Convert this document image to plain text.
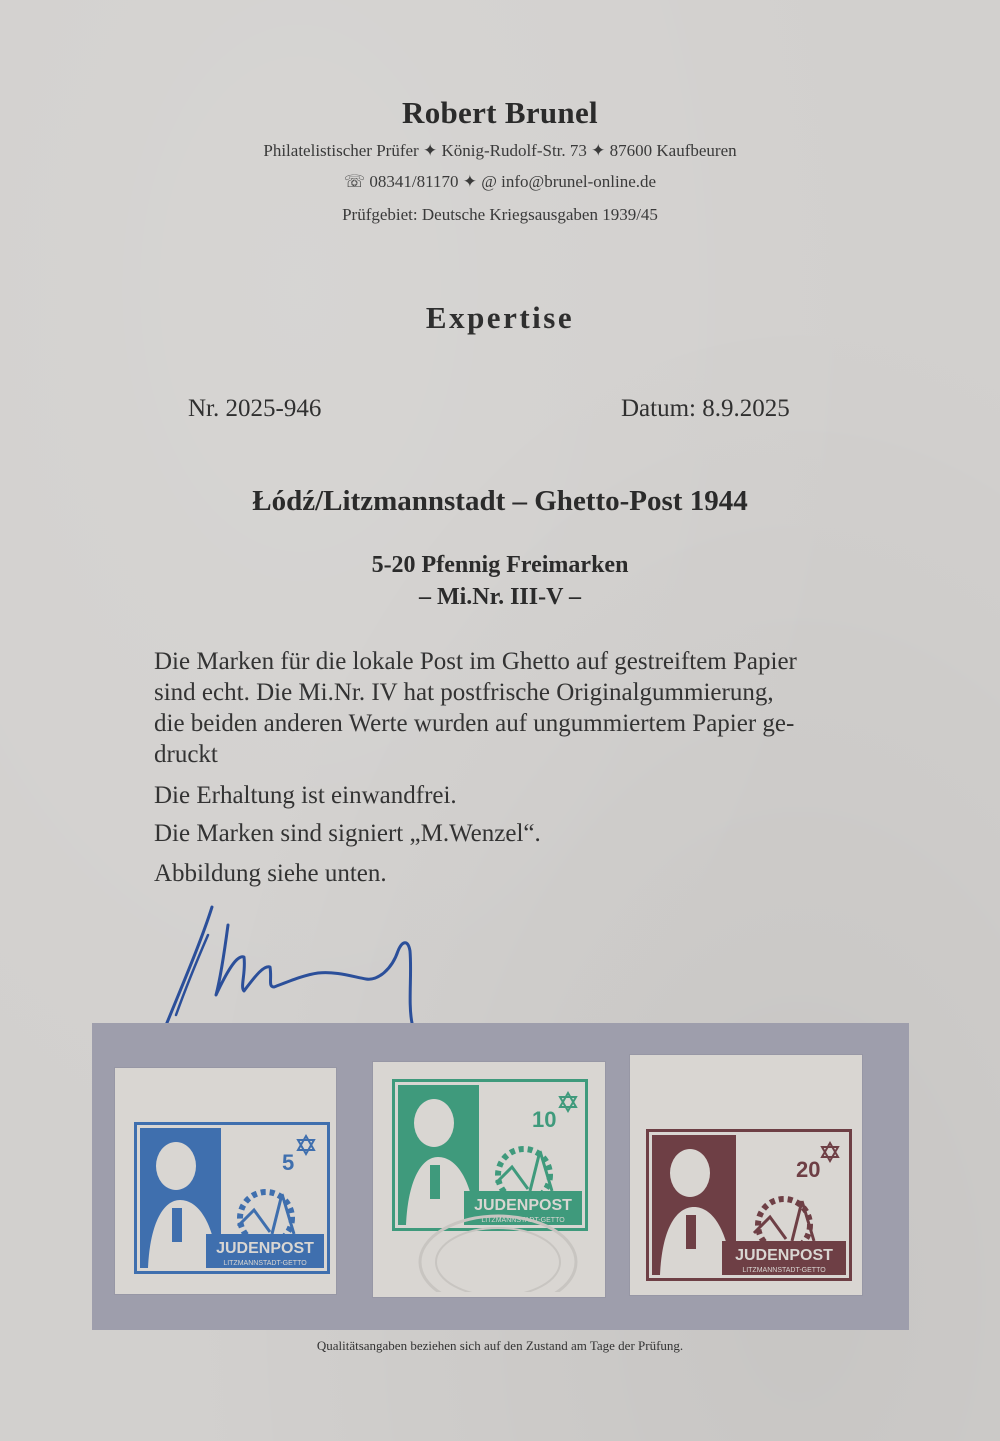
Robert Brunel
Philatelistischer Prüfer ✦ König-Rudolf-Str. 73 ✦ 87600 Kaufbeuren
☏ 08341/81170 ✦ @ info@brunel-online.de
Prüfgebiet: Deutsche Kriegsausgaben 1939/45
Expertise
Nr. 2025-946	Datum: 8.9.2025
Łódź/Litzmannstadt – Ghetto-Post 1944
5-20 Pfennig Freimarken
– Mi.Nr. III-V –
Die Marken für die lokale Post im Ghetto auf gestreiftem Papier
sind echt. Die Mi.Nr. IV hat postfrische Originalgummierung,
die beiden anderen Werte wurden auf ungummiertem Papier ge-
druckt
Die Erhaltung ist einwandfrei.
Die Marken sind signiert „M.Wenzel“.
Abbildung siehe unten.
5
JUDENPOST
LITZMANNSTADT-GETTO
10
JUDENPOST
LITZMANNSTADT-GETTO
20
JUDENPOST
LITZMANNSTADT-GETTO
Qualitätsangaben beziehen sich auf den Zustand am Tage der Prüfung.
